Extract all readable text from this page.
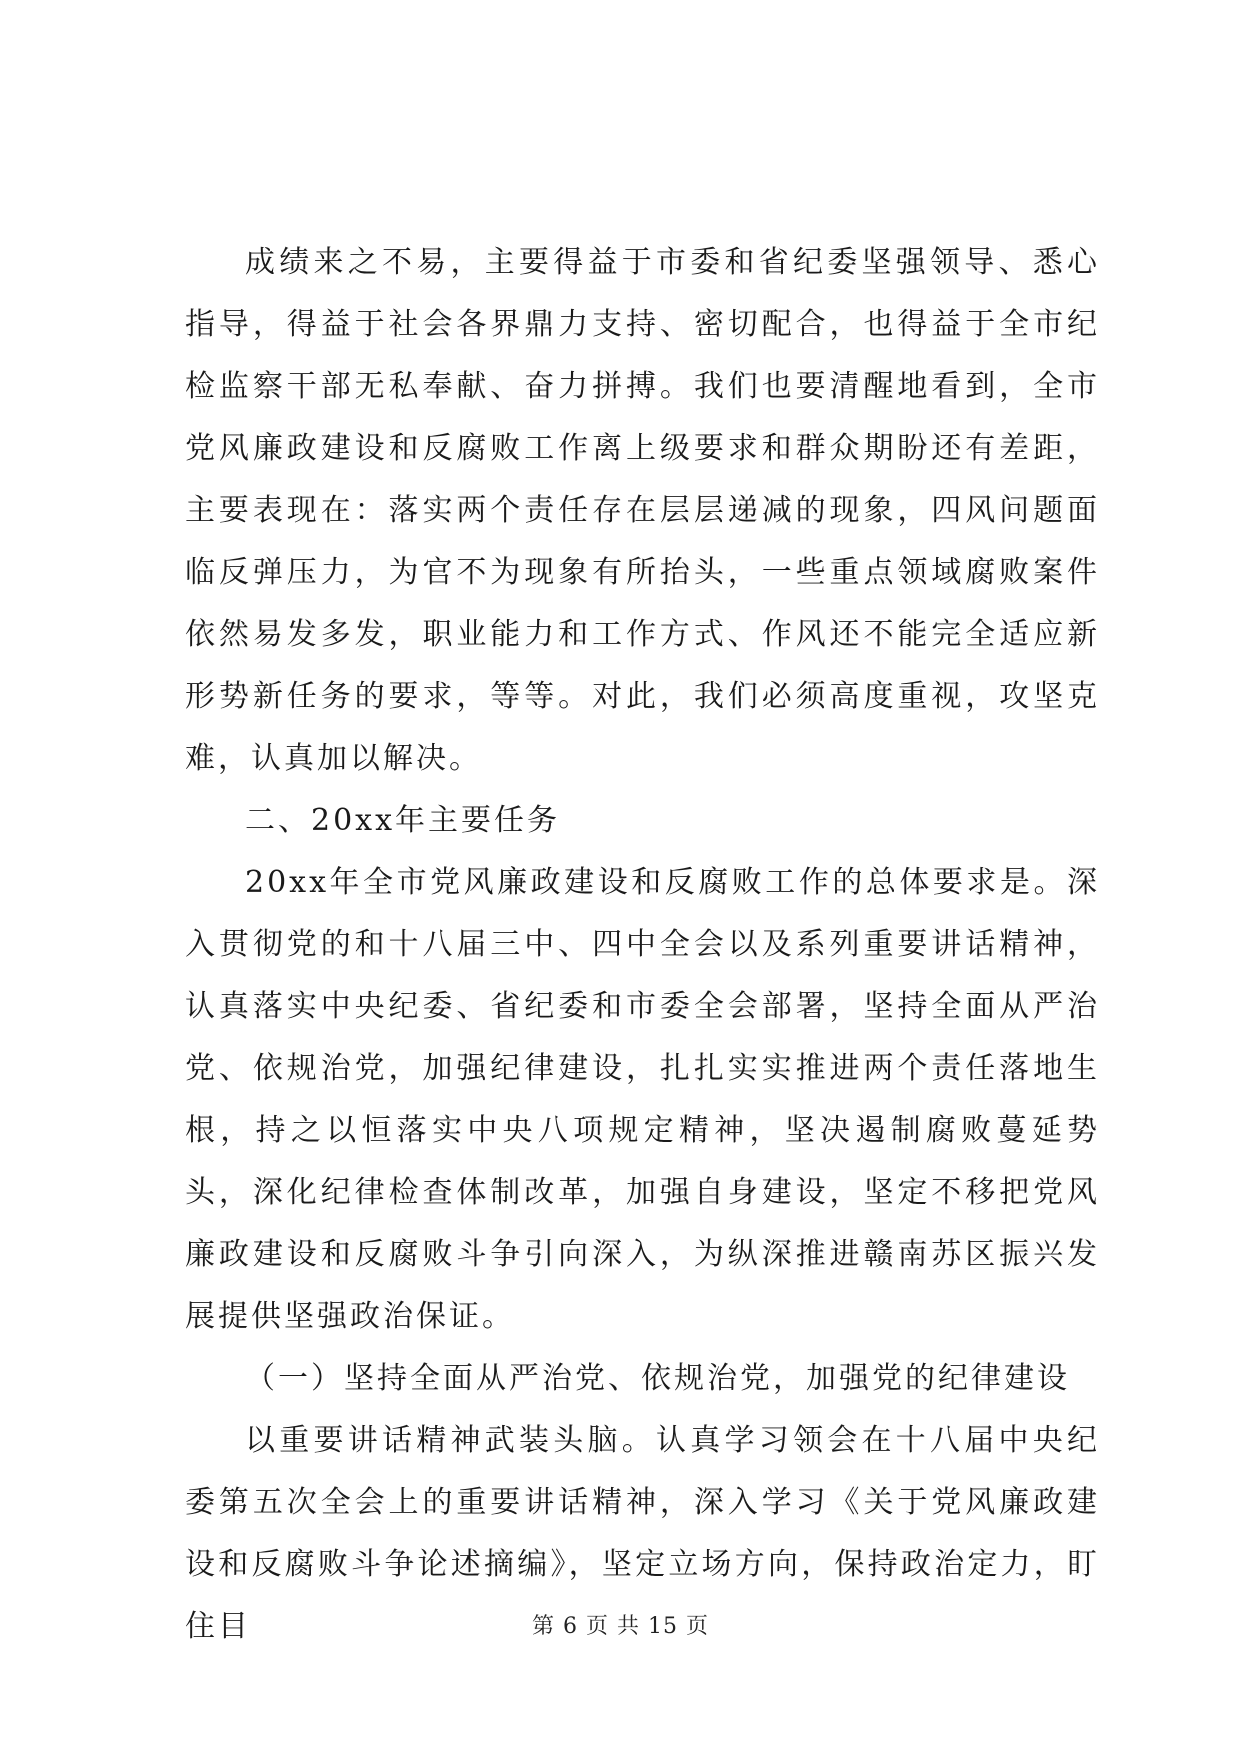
成绩来之不易，主要得益于市委和省纪委坚强领导、悉心指导，得益于社会各界鼎力支持、密切配合，也得益于全市纪检监察干部无私奉献、奋力拼搏。我们也要清醒地看到，全市党风廉政建设和反腐败工作离上级要求和群众期盼还有差距，主要表现在：落实两个责任存在层层递减的现象，四风问题面临反弹压力，为官不为现象有所抬头，一些重点领域腐败案件依然易发多发，职业能力和工作方式、作风还不能完全适应新形势新任务的要求，等等。对此，我们必须高度重视，攻坚克难，认真加以解决。

二、20xx年主要任务

20xx年全市党风廉政建设和反腐败工作的总体要求是。深入贯彻党的和十八届三中、四中全会以及系列重要讲话精神，认真落实中央纪委、省纪委和市委全会部署，坚持全面从严治党、依规治党，加强纪律建设，扎扎实实推进两个责任落地生根，持之以恒落实中央八项规定精神，坚决遏制腐败蔓延势头，深化纪律检查体制改革，加强自身建设，坚定不移把党风廉政建设和反腐败斗争引向深入，为纵深推进赣南苏区振兴发展提供坚强政治保证。

（一）坚持全面从严治党、依规治党，加强党的纪律建设

以重要讲话精神武装头脑。认真学习领会在十八届中央纪委第五次全会上的重要讲话精神，深入学习《关于党风廉政建设和反腐败斗争论述摘编》，坚定立场方向，保持政治定力，盯住目	第 6 页 共 15 页
